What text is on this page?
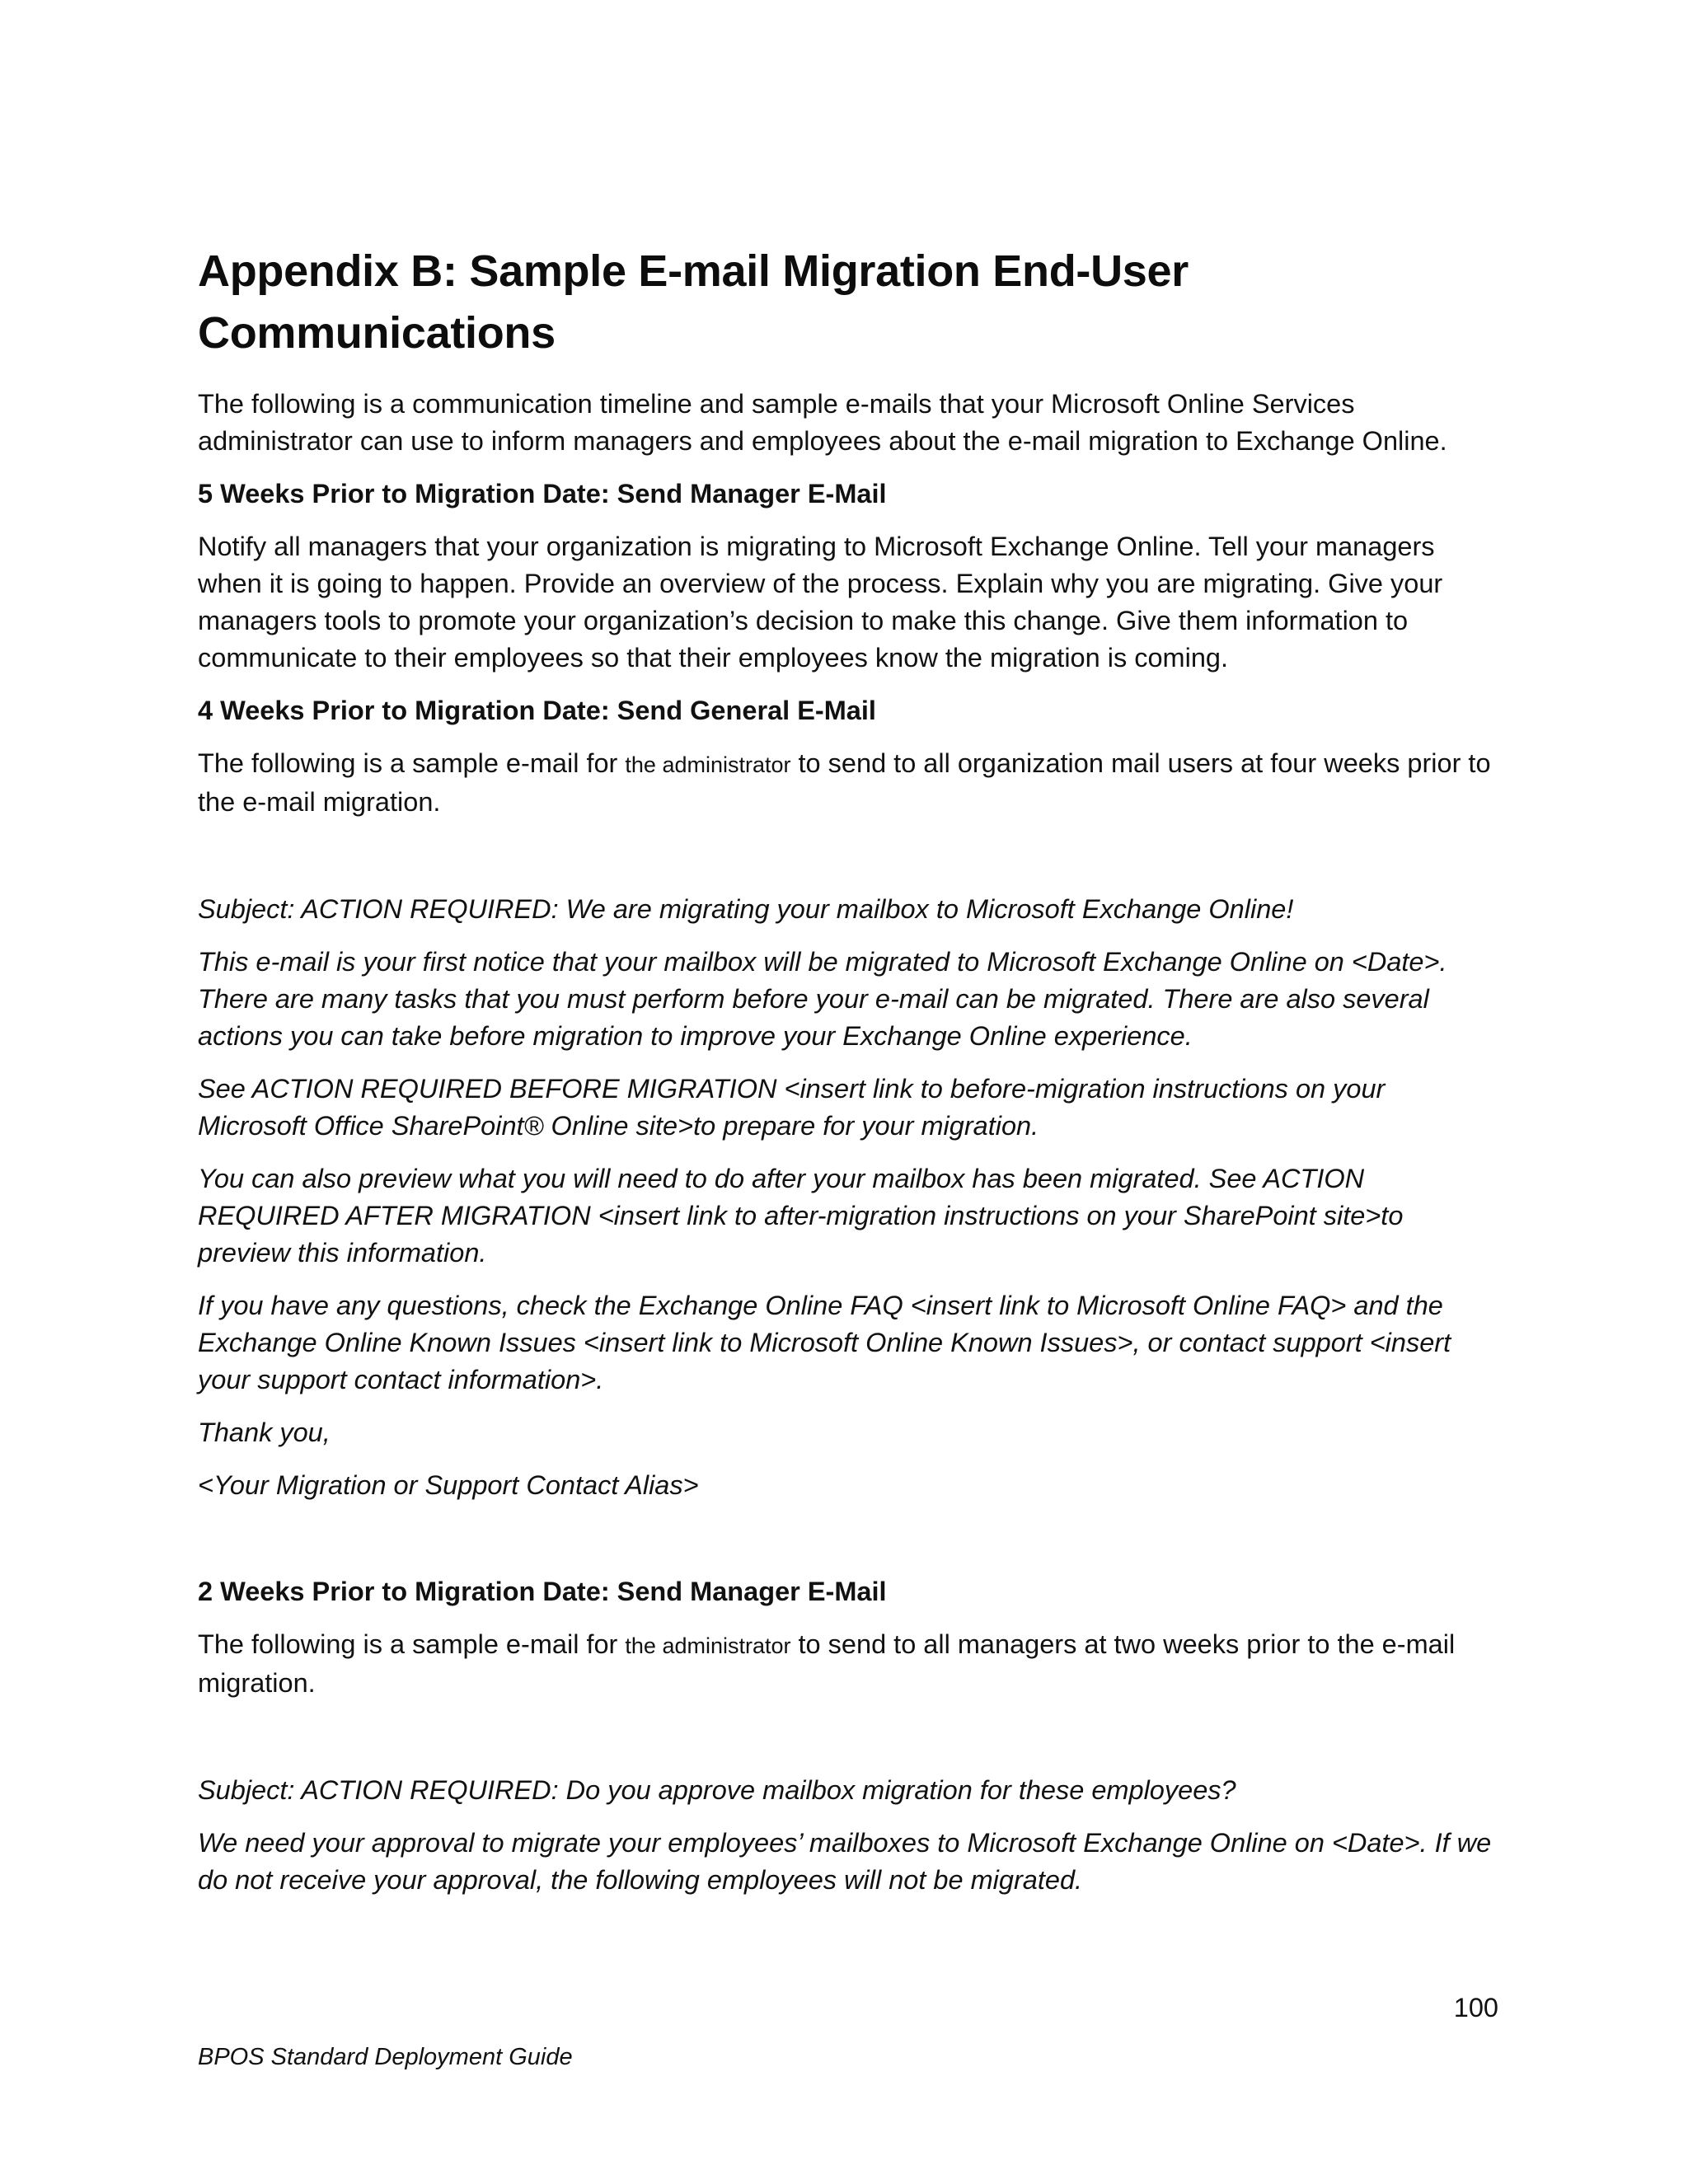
Appendix B: Sample E-mail Migration End-User Communications

The following is a communication timeline and sample e-mails that your Microsoft Online Services administrator can use to inform managers and employees about the e-mail migration to Exchange Online.

5 Weeks Prior to Migration Date: Send Manager E-Mail

Notify all managers that your organization is migrating to Microsoft Exchange Online. Tell your managers when it is going to happen. Provide an overview of the process. Explain why you are migrating. Give your managers tools to promote your organization’s decision to make this change. Give them information to communicate to their employees so that their employees know the migration is coming.

4 Weeks Prior to Migration Date: Send General E-Mail

The following is a sample e-mail for the administrator to send to all organization mail users at four weeks prior to the e-mail migration.

Subject: ACTION REQUIRED: We are migrating your mailbox to Microsoft Exchange Online!

This e-mail is your first notice that your mailbox will be migrated to Microsoft Exchange Online on <Date>. There are many tasks that you must perform before your e-mail can be migrated. There are also several actions you can take before migration to improve your Exchange Online experience.

See ACTION REQUIRED BEFORE MIGRATION <insert link to before-migration instructions on your Microsoft Office SharePoint® Online site>to prepare for your migration.

You can also preview what you will need to do after your mailbox has been migrated. See ACTION REQUIRED AFTER MIGRATION <insert link to after-migration instructions on your SharePoint site>to preview this information.

If you have any questions, check the Exchange Online FAQ <insert link to Microsoft Online FAQ> and the Exchange Online Known Issues <insert link to Microsoft Online Known Issues>, or contact support <insert your support contact information>.

Thank you,

<Your Migration or Support Contact Alias>

2 Weeks Prior to Migration Date: Send Manager E-Mail

The following is a sample e-mail for the administrator to send to all managers at two weeks prior to the e-mail migration.

Subject: ACTION REQUIRED: Do you approve mailbox migration for these employees?

We need your approval to migrate your employees’ mailboxes to Microsoft Exchange Online on <Date>. If we do not receive your approval, the following employees will not be migrated.

100
BPOS Standard Deployment Guide
